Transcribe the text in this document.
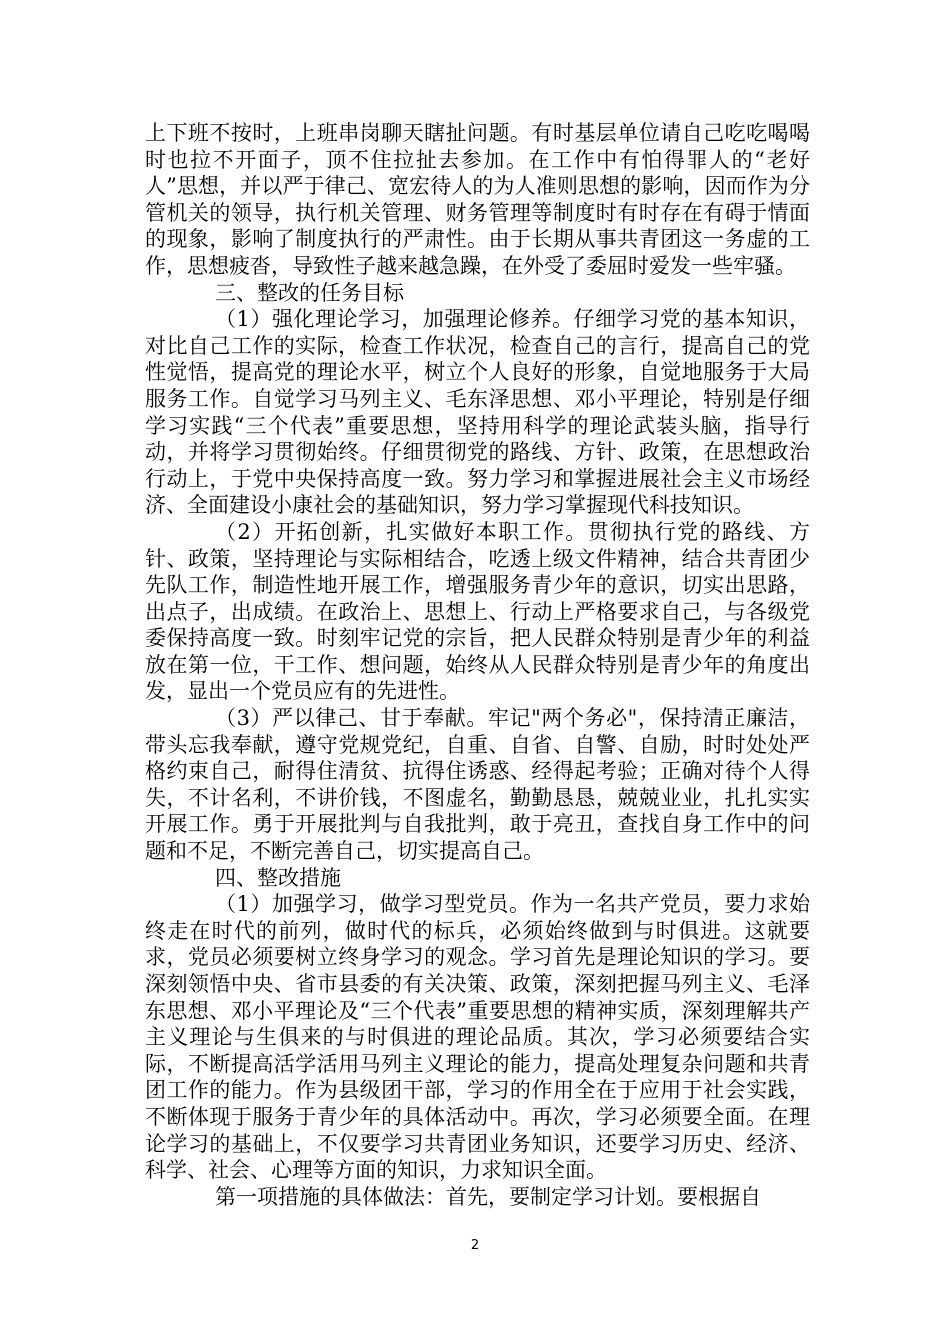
上下班不按时，上班串岗聊天瞎扯问题。有时基层单位请自己吃吃喝喝时也拉不开面子，顶不住拉扯去参加。在工作中有怕得罪人的“老好人”思想，并以严于律己、宽宏待人的为人准则思想的影响，因而作为分管机关的领导，执行机关管理、财务管理等制度时有时存在有碍于情面的现象，影响了制度执行的严肃性。由于长期从事共青团这一务虚的工作，思想疲沓，导致性子越来越急躁，在外受了委屈时爱发一些牢骚。

三、整改的任务目标

（1）强化理论学习，加强理论修养。仔细学习党的基本知识，对比自己工作的实际，检查工作状况，检查自己的言行，提高自己的党性觉悟，提高党的理论水平，树立个人良好的形象，自觉地服务于大局服务工作。自觉学习马列主义、毛东泽思想、邓小平理论，特别是仔细学习实践“三个代表”重要思想，坚持用科学的理论武装头脑，指导行动，并将学习贯彻始终。仔细贯彻党的路线、方针、政策，在思想政治行动上，于党中央保持高度一致。努力学习和掌握进展社会主义市场经济、全面建设小康社会的基础知识，努力学习掌握现代科技知识。

（2）开拓创新，扎实做好本职工作。贯彻执行党的路线、方针、政策，坚持理论与实际相结合，吃透上级文件精神，结合共青团少先队工作，制造性地开展工作，增强服务青少年的意识，切实出思路，出点子，出成绩。在政治上、思想上、行动上严格要求自己，与各级党委保持高度一致。时刻牢记党的宗旨，把人民群众特别是青少年的利益放在第一位，干工作、想问题，始终从人民群众特别是青少年的角度出发，显出一个党员应有的先进性。

（3）严以律己、甘于奉献。牢记"两个务必"，保持清正廉洁，带头忘我奉献，遵守党规党纪，自重、自省、自警、自励，时时处处严格约束自己，耐得住清贫、抗得住诱惑、经得起考验；正确对待个人得失，不计名利，不讲价钱，不图虚名，勤勤恳恳，兢兢业业，扎扎实实开展工作。勇于开展批判与自我批判，敢于亮丑，查找自身工作中的问题和不足，不断完善自己，切实提高自己。

四、整改措施

（1）加强学习，做学习型党员。作为一名共产党员，要力求始终走在时代的前列，做时代的标兵，必须始终做到与时俱进。这就要求，党员必须要树立终身学习的观念。学习首先是理论知识的学习。要深刻领悟中央、省市县委的有关决策、政策，深刻把握马列主义、毛泽东思想、邓小平理论及“三个代表”重要思想的精神实质，深刻理解共产主义理论与生俱来的与时俱进的理论品质。其次，学习必须要结合实际，不断提高活学活用马列主义理论的能力，提高处理复杂问题和共青团工作的能力。作为县级团干部，学习的作用全在于应用于社会实践，不断体现于服务于青少年的具体活动中。再次，学习必须要全面。在理论学习的基础上，不仅要学习共青团业务知识，还要学习历史、经济、科学、社会、心理等方面的知识，力求知识全面。

第一项措施的具体做法：首先，要制定学习计划。要根据自

2
